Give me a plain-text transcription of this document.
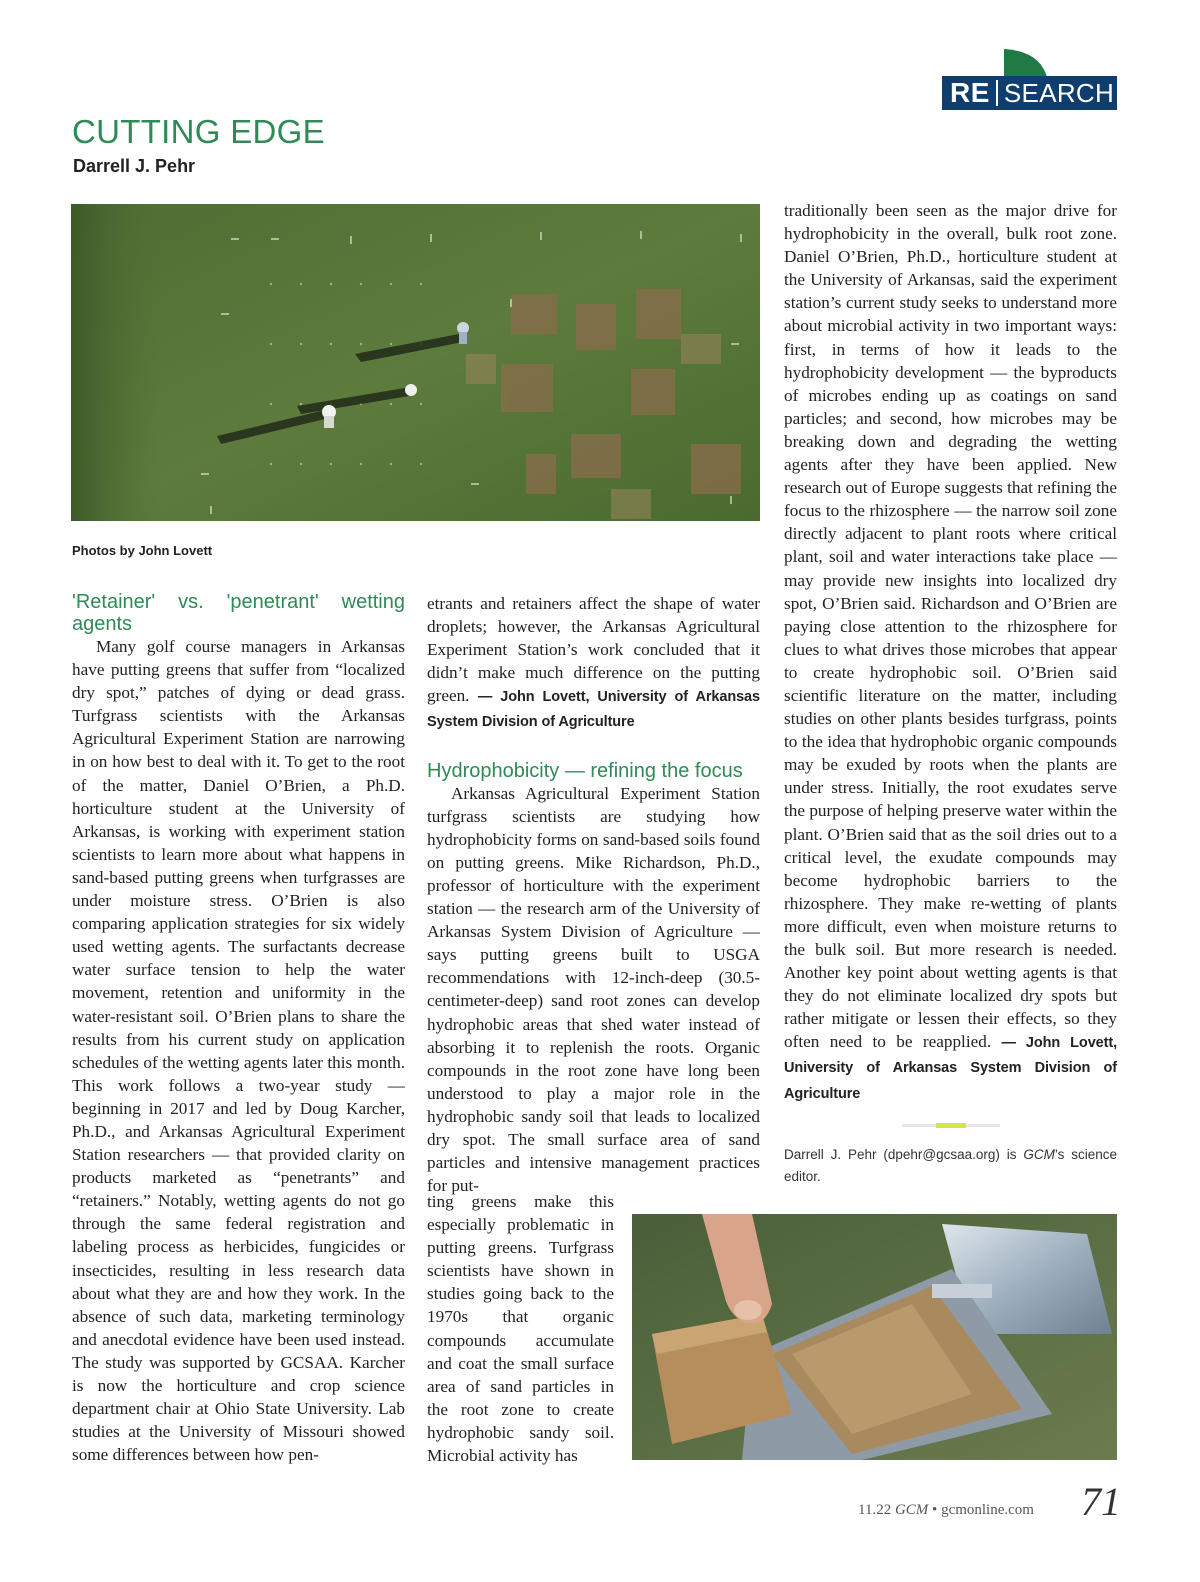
RE SEARCH
CUTTING EDGE
Darrell J. Pehr
Photos by John Lovett
'Retainer' vs. 'penetrant' wetting agents

Many golf course managers in Arkansas have putting greens that suffer from “localized dry spot,” patches of dying or dead grass. Turfgrass scientists with the Arkansas Agricultural Experiment Station are narrowing in on how best to deal with it. To get to the root of the matter, Daniel O’Brien, a Ph.D. horticulture student at the University of Arkansas, is working with experiment station scientists to learn more about what happens in sand-based putting greens when turfgrasses are under moisture stress. O’Brien is also comparing application strategies for six widely used wetting agents. The surfactants decrease water surface tension to help the water movement, retention and uniformity in the water-resistant soil. O’Brien plans to share the results from his current study on application schedules of the wetting agents later this month. This work follows a two-year study — beginning in 2017 and led by Doug Karcher, Ph.D., and Arkansas Agricultural Experiment Station researchers — that provided clarity on products marketed as “penetrants” and “retainers.” Notably, wetting agents do not go through the same federal registration and labeling process as herbicides, fungicides or insecticides, resulting in less research data about what they are and how they work. In the absence of such data, marketing terminology and anecdotal evidence have been used instead. The study was supported by GCSAA. Karcher is now the horticulture and crop science department chair at Ohio State University. Lab studies at the University of Missouri showed some differences between how pen-

etrants and retainers affect the shape of water droplets; however, the Arkansas Agricultural Experiment Station’s work concluded that it didn’t make much difference on the putting green. — John Lovett, University of Arkansas System Division of Agriculture

Hydrophobicity — refining the focus

Arkansas Agricultural Experiment Station turfgrass scientists are studying how hydrophobicity forms on sand-based soils found on putting greens. Mike Richardson, Ph.D., professor of horticulture with the experiment station — the research arm of the University of Arkansas System Division of Agriculture — says putting greens built to USGA recommendations with 12-inch-deep (30.5-centimeter-deep) sand root zones can develop hydrophobic areas that shed water instead of absorbing it to replenish the roots. Organic compounds in the root zone have long been understood to play a major role in the hydrophobic sandy soil that leads to localized dry spot. The small surface area of sand particles and intensive management practices for put-

ting greens make this especially problematic in putting greens. Turfgrass scientists have shown in studies going back to the 1970s that organic compounds accumulate and coat the small surface area of sand particles in the root zone to create hydrophobic sandy soil. Microbial activity has

traditionally been seen as the major drive for hydrophobicity in the overall, bulk root zone. Daniel O’Brien, Ph.D., horticulture student at the University of Arkansas, said the experiment station’s current study seeks to understand more about microbial activity in two important ways: first, in terms of how it leads to the hydrophobicity development — the byproducts of microbes ending up as coatings on sand particles; and second, how microbes may be breaking down and degrading the wetting agents after they have been applied. New research out of Europe suggests that refining the focus to the rhizosphere — the narrow soil zone directly adjacent to plant roots where critical plant, soil and water interactions take place — may provide new insights into localized dry spot, O’Brien said. Richardson and O’Brien are paying close attention to the rhizosphere for clues to what drives those microbes that appear to create hydrophobic soil. O’Brien said scientific literature on the matter, including studies on other plants besides turfgrass, points to the idea that hydrophobic organic compounds may be exuded by roots when the plants are under stress. Initially, the root exudates serve the purpose of helping preserve water within the plant. O’Brien said that as the soil dries out to a critical level, the exudate compounds may become hydrophobic barriers to the rhizosphere. They make re-wetting of plants more difficult, even when moisture returns to the bulk soil. But more research is needed. Another key point about wetting agents is that they do not eliminate localized dry spots but rather mitigate or lessen their effects, so they often need to be reapplied. — John Lovett, University of Arkansas System Division of Agriculture

Darrell J. Pehr (dpehr@gcsaa.org) is GCM’s science editor.
11.22 GCM • gcmonline.com 71
